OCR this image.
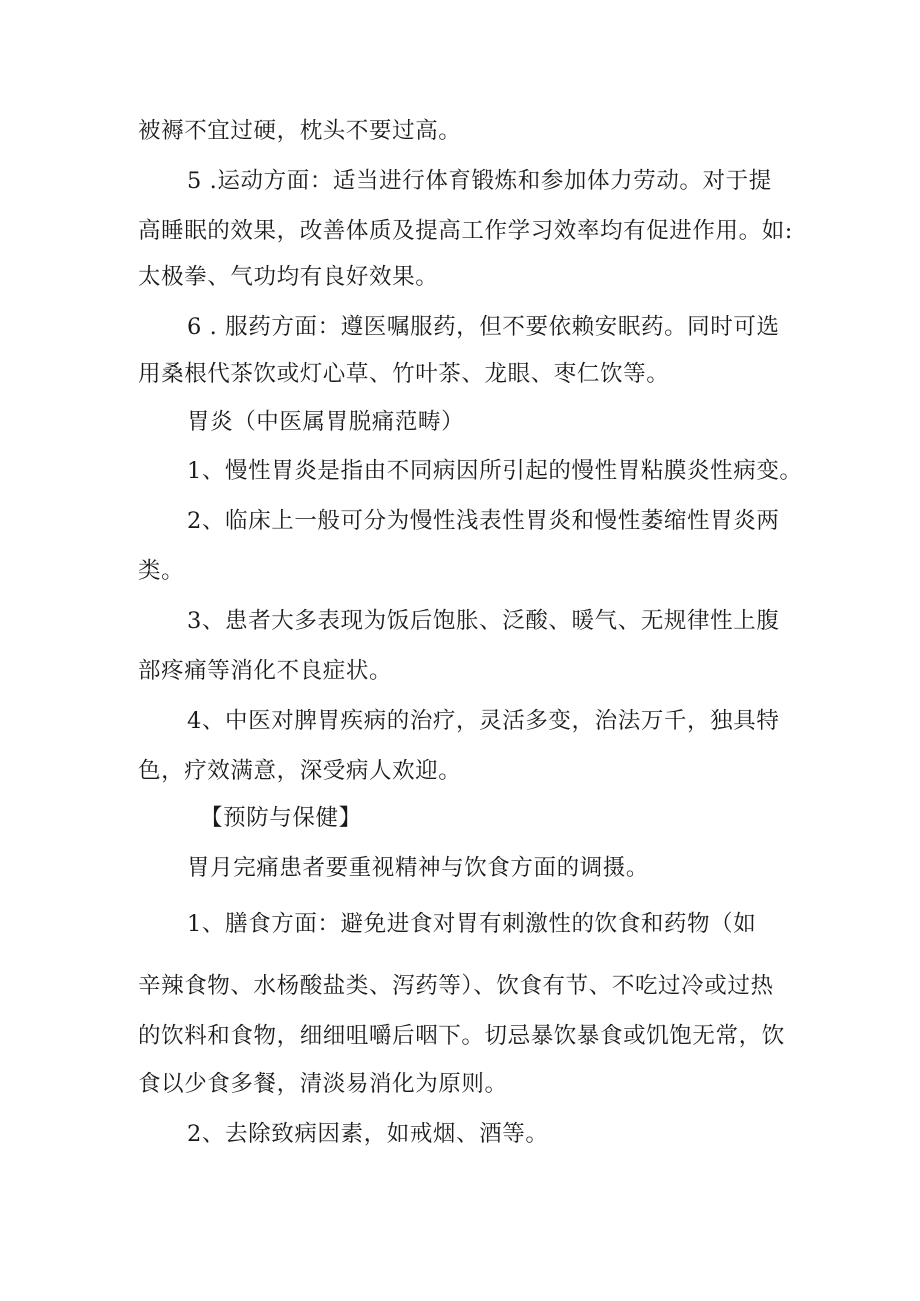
被褥不宜过硬，枕头不要过高。
5 .运动方面：适当进行体育锻炼和参加体力劳动。对于提
高睡眠的效果，改善体质及提高工作学习效率均有促进作用。如:
太极拳、气功均有良好效果。
6 . 服药方面：遵医嘱服药，但不要依赖安眠药。同时可选
用桑根代茶饮或灯心草、竹叶茶、龙眼、枣仁饮等。
胃炎（中医属胃脱痛范畴）
1、慢性胃炎是指由不同病因所引起的慢性胃粘膜炎性病变。
2、临床上一般可分为慢性浅表性胃炎和慢性萎缩性胃炎两
类。
3、患者大多表现为饭后饱胀、泛酸、暖气、无规律性上腹
部疼痛等消化不良症状。
4、中医对脾胃疾病的治疗，灵活多变，治法万千，独具特
色，疗效满意，深受病人欢迎。
【预防与保健】
胃月完痛患者要重视精神与饮食方面的调摄。
1、膳食方面：避免进食对胃有刺激性的饮食和药物（如
辛辣食物、水杨酸盐类、泻药等）、饮食有节、不吃过冷或过热
的饮料和食物，细细咀嚼后咽下。切忌暴饮暴食或饥饱无常，饮
食以少食多餐，清淡易消化为原则。
2、去除致病因素，如戒烟、酒等。
